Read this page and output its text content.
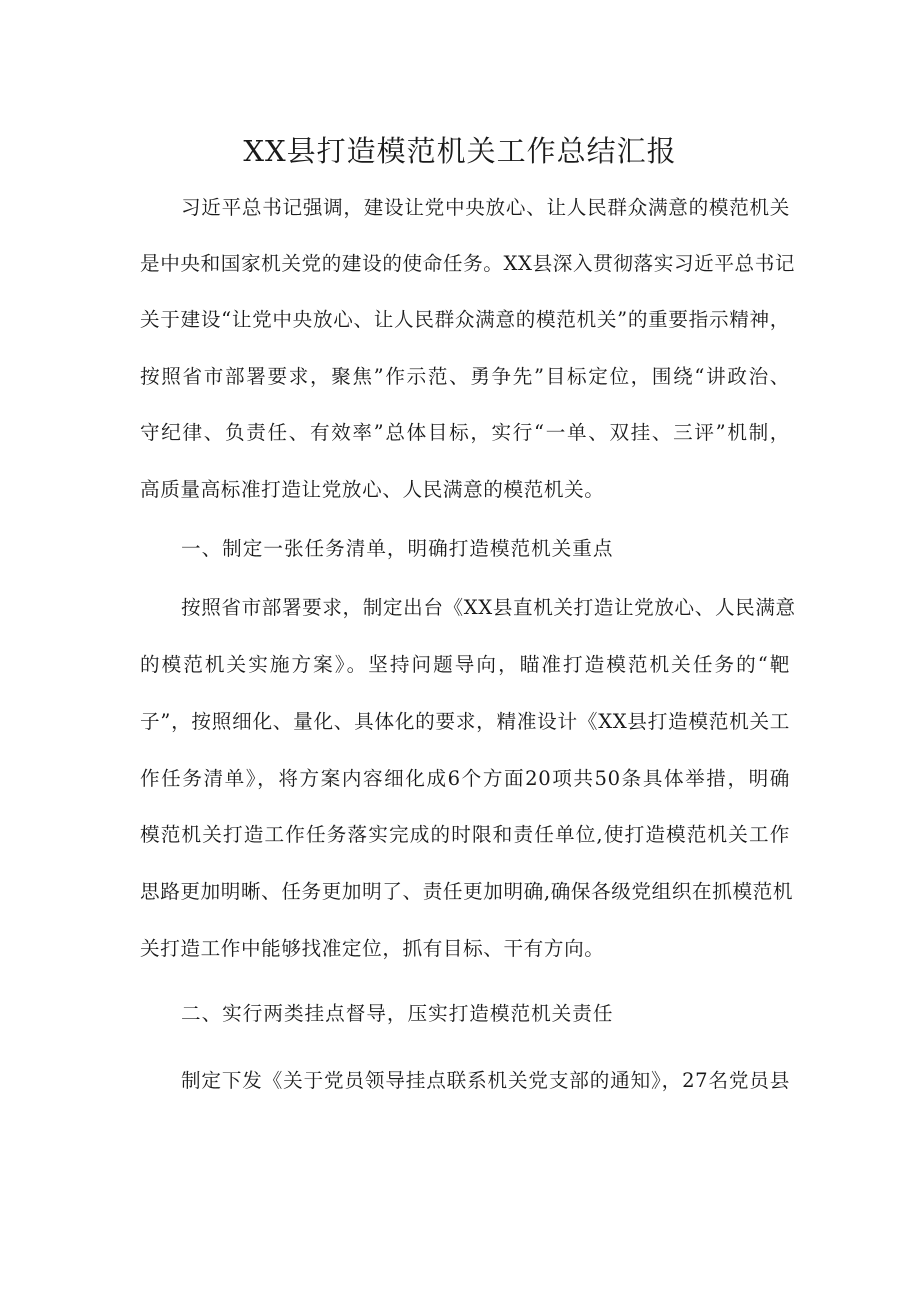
XX县打造模范机关工作总结汇报
习近平总书记强调，建设让党中央放心、让人民群众满意的模范机关
是中央和国家机关党的建设的使命任务。XX县深入贯彻落实习近平总书记
关于建设“让党中央放心、让人民群众满意的模范机关”的重要指示精神，
按照省市部署要求，聚焦”作示范、勇争先”目标定位，围绕“讲政治、
守纪律、负责任、有效率”总体目标，实行“一单、双挂、三评”机制，
高质量高标准打造让党放心、人民满意的模范机关。
一、制定一张任务清单，明确打造模范机关重点
按照省市部署要求，制定出台《XX县直机关打造让党放心、人民满意
的模范机关实施方案》。坚持问题导向，瞄准打造模范机关任务的“靶
子”，按照细化、量化、具体化的要求，精准设计《XX县打造模范机关工
作任务清单》，将方案内容细化成6个方面20项共50条具体举措，明确
模范机关打造工作任务落实完成的时限和责任单位,使打造模范机关工作
思路更加明晰、任务更加明了、责任更加明确,确保各级党组织在抓模范机
关打造工作中能够找准定位，抓有目标、干有方向。
二、实行两类挂点督导，压实打造模范机关责任
制定下发《关于党员领导挂点联系机关党支部的通知》，27名党员县
